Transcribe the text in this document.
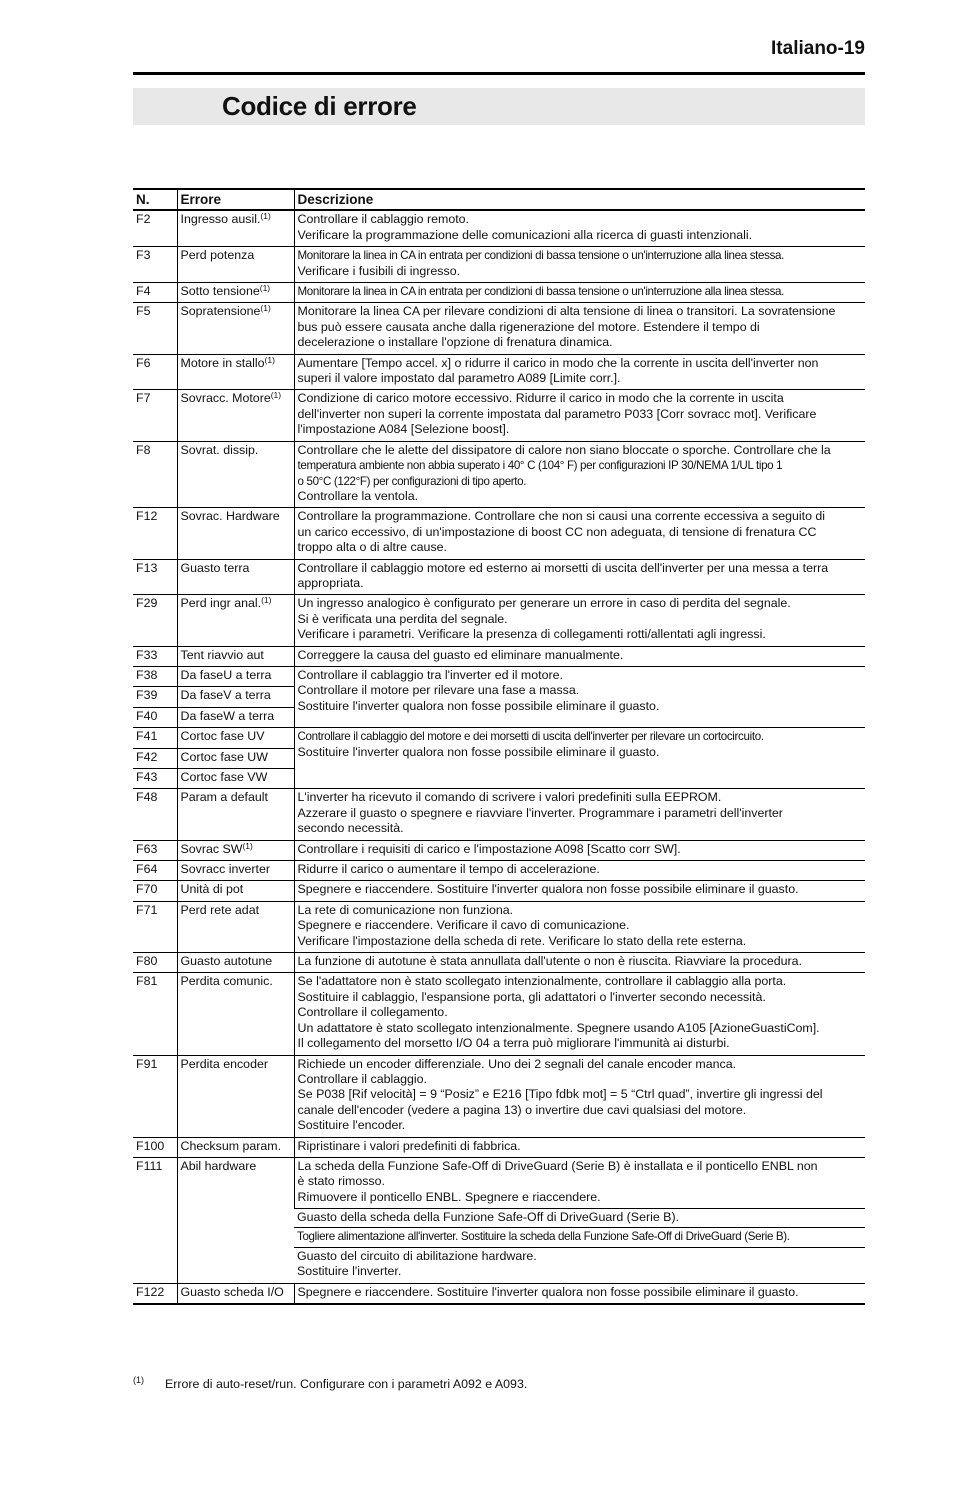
Italiano-19
Codice di errore
N.	Errore	Descrizione
F2	Ingresso ausil.$^{(1)}$	Controllare il cablaggio remoto.
Verificare la programmazione delle comunicazioni alla ricerca di guasti intenzionali.

F3	Perd potenza	Monitorare la linea in CA in entrata per condizioni di bassa tensione o un'interruzione alla linea stessa.
Verificare i fusibili di ingresso.

F4	Sotto tensione$^{(1)}$	Monitorare la linea in CA in entrata per condizioni di bassa tensione o un'interruzione alla linea stessa.

F5	Sopratensione$^{(1)}$	Monitorare la linea CA per rilevare condizioni di alta tensione di linea o transitori. La sovratensione
bus può essere causata anche dalla rigenerazione del motore. Estendere il tempo di
decelerazione o installare l'opzione di frenatura dinamica.

F6	Motore in stallo$^{(1)}$	Aumentare [Tempo accel. x] o ridurre il carico in modo che la corrente in uscita dell'inverter non
superi il valore impostato dal parametro A089 [Limite corr.].

F7	Sovracc. Motore$^{(1)}$	Condizione di carico motore eccessivo. Ridurre il carico in modo che la corrente in uscita
dell'inverter non superi la corrente impostata dal parametro P033 [Corr sovracc mot]. Verificare
l'impostazione A084 [Selezione boost].

F8	Sovrat. dissip.	Controllare che le alette del dissipatore di calore non siano bloccate o sporche. Controllare che la
temperatura ambiente non abbia superato i 40° C (104° F) per configurazioni IP 30/NEMA 1/UL tipo 1
o 50°C (122°F) per configurazioni di tipo aperto.
Controllare la ventola.

F12	Sovrac. Hardware	Controllare la programmazione. Controllare che non si causi una corrente eccessiva a seguito di
un carico eccessivo, di un'impostazione di boost CC non adeguata, di tensione di frenatura CC
troppo alta o di altre cause.

F13	Guasto terra	Controllare il cablaggio motore ed esterno ai morsetti di uscita dell'inverter per una messa a terra
appropriata.

F29	Perd ingr anal.$^{(1)}$	Un ingresso analogico è configurato per generare un errore in caso di perdita del segnale.
Si è verificata una perdita del segnale.
Verificare i parametri. Verificare la presenza di collegamenti rotti/allentati agli ingressi.

F33	Tent riavvio aut	Correggere la causa del guasto ed eliminare manualmente.

F38	Da faseU a terra	Controllare il cablaggio tra l'inverter ed il motore.
Controllare il motore per rilevare una fase a massa.
Sostituire l'inverter qualora non fosse possibile eliminare il guasto.

F39	Da faseV a terra	
F40	Da faseW a terra	
F41	Cortoc fase UV	Controllare il cablaggio del motore e dei morsetti di uscita dell'inverter per rilevare un cortocircuito.
Sostituire l'inverter qualora non fosse possibile eliminare il guasto.

F42	Cortoc fase UW	
F43	Cortoc fase VW	
F48	Param a default	L'inverter ha ricevuto il comando di scrivere i valori predefiniti sulla EEPROM.
Azzerare il guasto o spegnere e riavviare l'inverter. Programmare i parametri dell'inverter
secondo necessità.

F63	Sovrac SW$^{(1)}$	Controllare i requisiti di carico e l'impostazione A098 [Scatto corr SW].

F64	Sovracc inverter	Ridurre il carico o aumentare il tempo di accelerazione.

F70	Unità di pot	Spegnere e riaccendere. Sostituire l'inverter qualora non fosse possibile eliminare il guasto.

F71	Perd rete adat	La rete di comunicazione non funziona.
Spegnere e riaccendere. Verificare il cavo di comunicazione.
Verificare l'impostazione della scheda di rete. Verificare lo stato della rete esterna.

F80	Guasto autotune	La funzione di autotune è stata annullata dall'utente o non è riuscita. Riavviare la procedura.

F81	Perdita comunic.	Se l'adattatore non è stato scollegato intenzionalmente, controllare il cablaggio alla porta.
Sostituire il cablaggio, l'espansione porta, gli adattatori o l'inverter secondo necessità.
Controllare il collegamento.
Un adattatore è stato scollegato intenzionalmente. Spegnere usando A105 [AzioneGuastiCom].
Il collegamento del morsetto I/O 04 a terra può migliorare l'immunità ai disturbi.

F91	Perdita encoder	Richiede un encoder differenziale. Uno dei 2 segnali del canale encoder manca.
Controllare il cablaggio.
Se P038 [Rif velocità] = 9 “Posiz” e E216 [Tipo fdbk mot] = 5 “Ctrl quad”, invertire gli ingressi del
canale dell'encoder (vedere a pagina 13) o invertire due cavi qualsiasi del motore.
Sostituire l'encoder.

F100	Checksum param.	Ripristinare i valori predefiniti di fabbrica.

F111	Abil hardware	La scheda della Funzione Safe-Off di DriveGuard (Serie B) è installata e il ponticello ENBL non
è stato rimosso.
Rimuovere il ponticello ENBL. Spegnere e riaccendere.

		Guasto della scheda della Funzione Safe-Off di DriveGuard (Serie B).
Togliere alimentazione all'inverter. Sostituire la scheda della Funzione Safe-Off di DriveGuard (Serie B).

		Guasto del circuito di abilitazione hardware.
Sostituire l'inverter.

F122	Guasto scheda I/O	Spegnere e riaccendere. Sostituire l'inverter qualora non fosse possibile eliminare il guasto.
$^{(1)}$ Errore di auto-reset/run. Configurare con i parametri A092 e A093.
